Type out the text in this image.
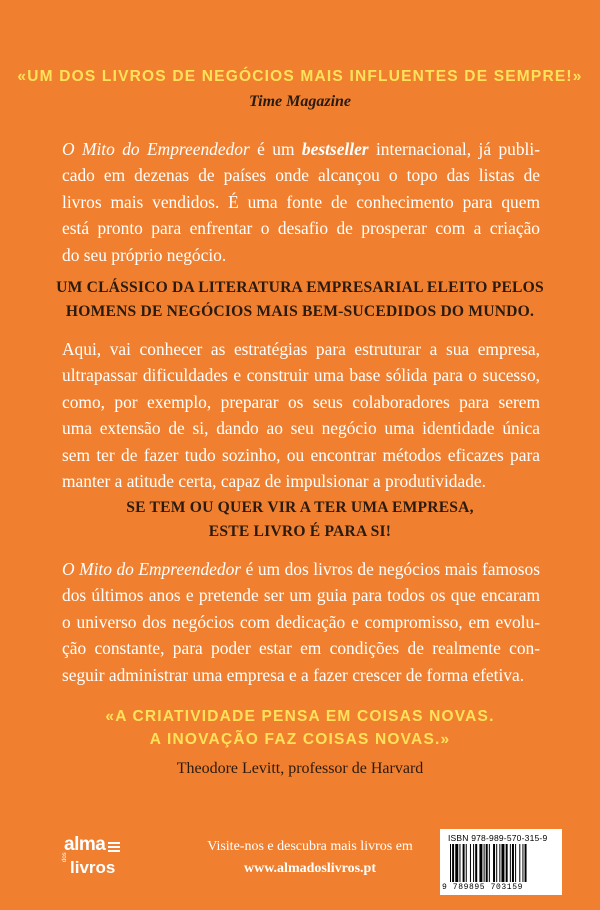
«UM DOS LIVROS DE NEGÓCIOS MAIS INFLUENTES DE SEMPRE!»
Time Magazine
O Mito do Empreendedor é um bestseller internacional, já publi-
cado em dezenas de países onde alcançou o topo das listas de
livros mais vendidos. É uma fonte de conhecimento para quem
está pronto para enfrentar o desafio de prosperar com a criação
do seu próprio negócio.
UM CLÁSSICO DA LITERATURA EMPRESARIAL ELEITO PELOS
HOMENS DE NEGÓCIOS MAIS BEM-SUCEDIDOS DO MUNDO.
Aqui, vai conhecer as estratégias para estruturar a sua empresa,
ultrapassar dificuldades e construir uma base sólida para o sucesso,
como, por exemplo, preparar os seus colaboradores para serem
uma extensão de si, dando ao seu negócio uma identidade única
sem ter de fazer tudo sozinho, ou encontrar métodos eficazes para
manter a atitude certa, capaz de impulsionar a produtividade.
SE TEM OU QUER VIR A TER UMA EMPRESA,
ESTE LIVRO É PARA SI!
O Mito do Empreendedor é um dos livros de negócios mais famosos
dos últimos anos e pretende ser um guia para todos os que encaram
o universo dos negócios com dedicação e compromisso, em evolu-
ção constante, para poder estar em condições de realmente con-
seguir administrar uma empresa e a fazer crescer de forma efetiva.
«A CRIATIVIDADE PENSA EM COISAS NOVAS.
A INOVAÇÃO FAZ COISAS NOVAS.»
Theodore Levitt, professor de Harvard
alma
dos
livros
Visite-nos e descubra mais livros em
www.almadoslivros.pt
ISBN 978-989-570-315-9
9 789895 703159
